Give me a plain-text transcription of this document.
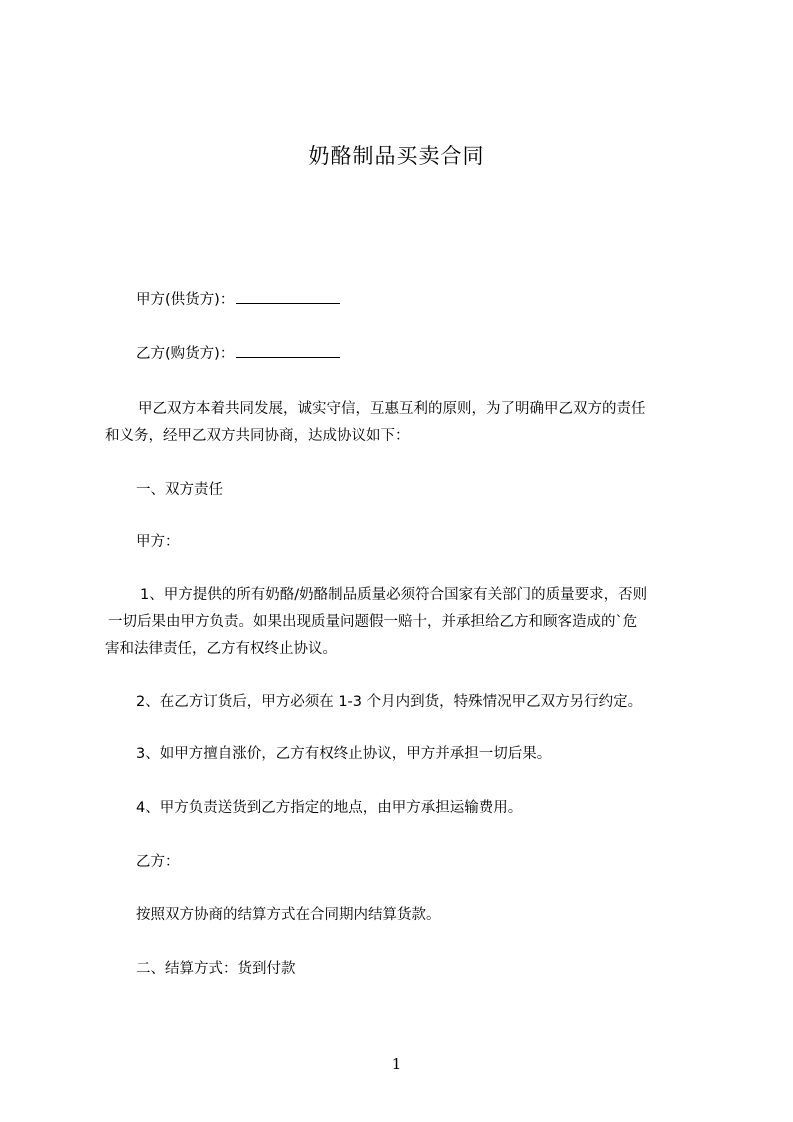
奶酪制品买卖合同
甲方(供货方)：
乙方(购货方)：
甲乙双方本着共同发展，诚实守信，互惠互利的原则，为了明确甲乙双方的责任
和义务，经甲乙双方共同协商，达成协议如下：
一、双方责任
甲方：
1、甲方提供的所有奶酪/奶酪制品质量必须符合国家有关部门的质量要求，否则
一切后果由甲方负责。如果出现质量问题假一赔十，并承担给乙方和顾客造成的`危
害和法律责任，乙方有权终止协议。
2、在乙方订货后，甲方必须在 1-3 个月内到货，特殊情况甲乙双方另行约定。
3、如甲方擅自涨价，乙方有权终止协议，甲方并承担一切后果。
4、甲方负责送货到乙方指定的地点，由甲方承担运输费用。
乙方：
按照双方协商的结算方式在合同期内结算货款。
二、结算方式：货到付款
1
